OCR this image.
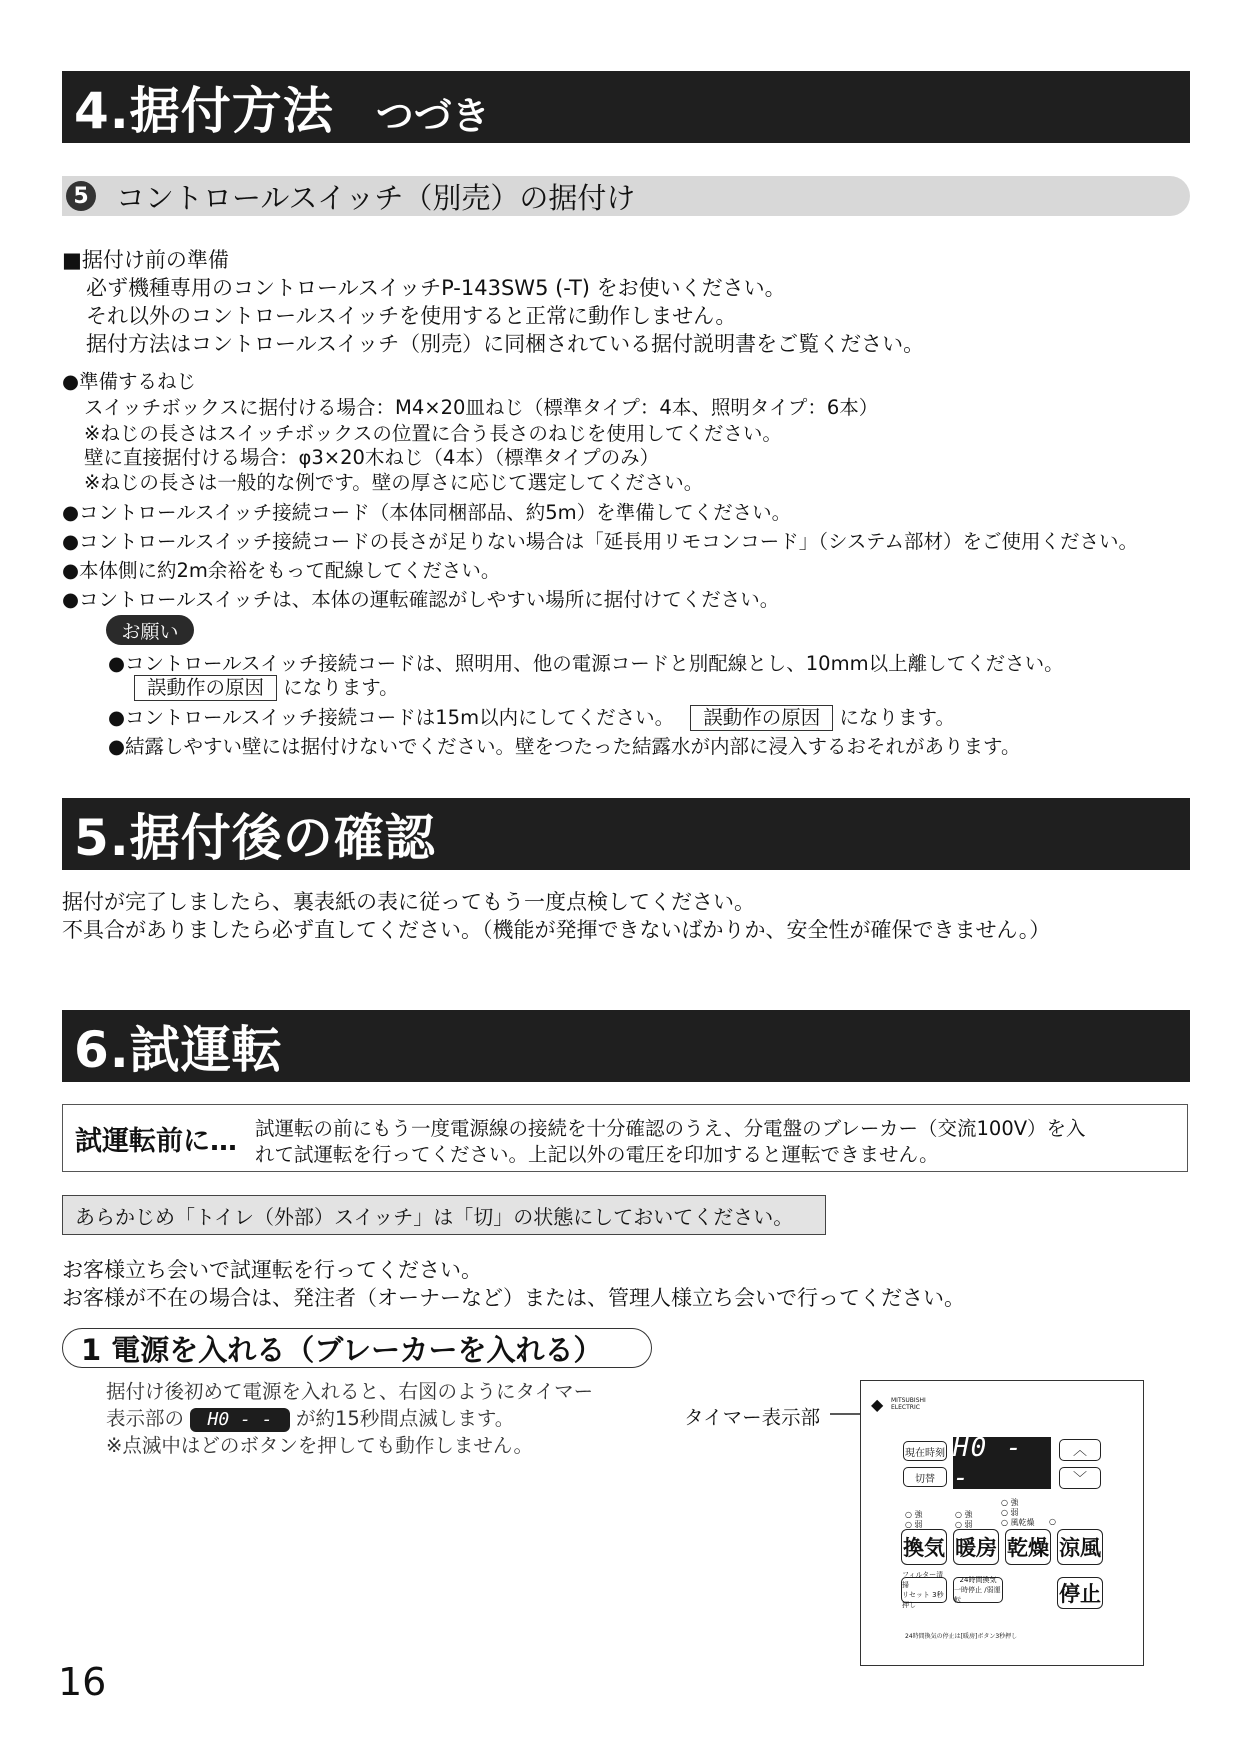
4.据付方法 つづき
5 コントロールスイッチ（別売）の据付け
■据付け前の準備
必ず機種専用のコントロールスイッチP-143SW5 (-T) をお使いください。
それ以外のコントロールスイッチを使用すると正常に動作しません。
据付方法はコントロールスイッチ（別売）に同梱されている据付説明書をご覧ください。
●準備するねじ
スイッチボックスに据付ける場合：M4×20皿ねじ（標準タイプ：4本、照明タイプ：6本）
※ねじの長さはスイッチボックスの位置に合う長さのねじを使用してください。
壁に直接据付ける場合：φ3×20木ねじ（4本）（標準タイプのみ）
※ねじの長さは一般的な例です。壁の厚さに応じて選定してください。
●コントロールスイッチ接続コード（本体同梱部品、約5m）を準備してください。
●コントロールスイッチ接続コードの長さが足りない場合は「延長用リモコンコード」（システム部材）をご使用ください。
●本体側に約2m余裕をもって配線してください。
●コントロールスイッチは、本体の運転確認がしやすい場所に据付けてください。
お願い
●コントロールスイッチ接続コードは、照明用、他の電源コードと別配線とし、10mm以上離してください。
誤動作の原因 になります。
●コントロールスイッチ接続コードは15m以内にしてください。 誤動作の原因 になります。
●結露しやすい壁には据付けないでください。壁をつたった結露水が内部に浸入するおそれがあります。
5.据付後の確認
据付が完了しましたら、裏表紙の表に従ってもう一度点検してください。
不具合がありましたら必ず直してください。（機能が発揮できないばかりか、安全性が確保できません。）
6.試運転
試運転前に… 試運転の前にもう一度電源線の接続を十分確認のうえ、分電盤のブレーカー（交流100V）を入
れて試運転を行ってください。上記以外の電圧を印加すると運転できません。
あらかじめ「トイレ（外部）スイッチ」は「切」の状態にしておいてください。
お客様立ち会いで試運転を行ってください。
お客様が不在の場合は、発注者（オーナーなど）または、管理人様立ち会いで行ってください。
1 電源を入れる（ブレーカーを入れる）
据付け後初めて電源を入れると、右図のようにタイマー
表示部の H0 - - が約15秒間点滅します。
※点滅中はどのボタンを押しても動作しません。
タイマー表示部
◆ MITSUBISHI ELECTRIC
H0 - -
現在時刻
切替
︿
﹀
○ 強
○ 弱
○ 強
○ 弱
○ 強
○ 弱
○ 風乾燥 ○
換気 暖房 乾燥 涼風
フィルター清掃
リセット 3秒押し
24時間換気
一時停止 /弱運転	停止
24時間換気の停止は[暖房]ボタン3秒押し
16
